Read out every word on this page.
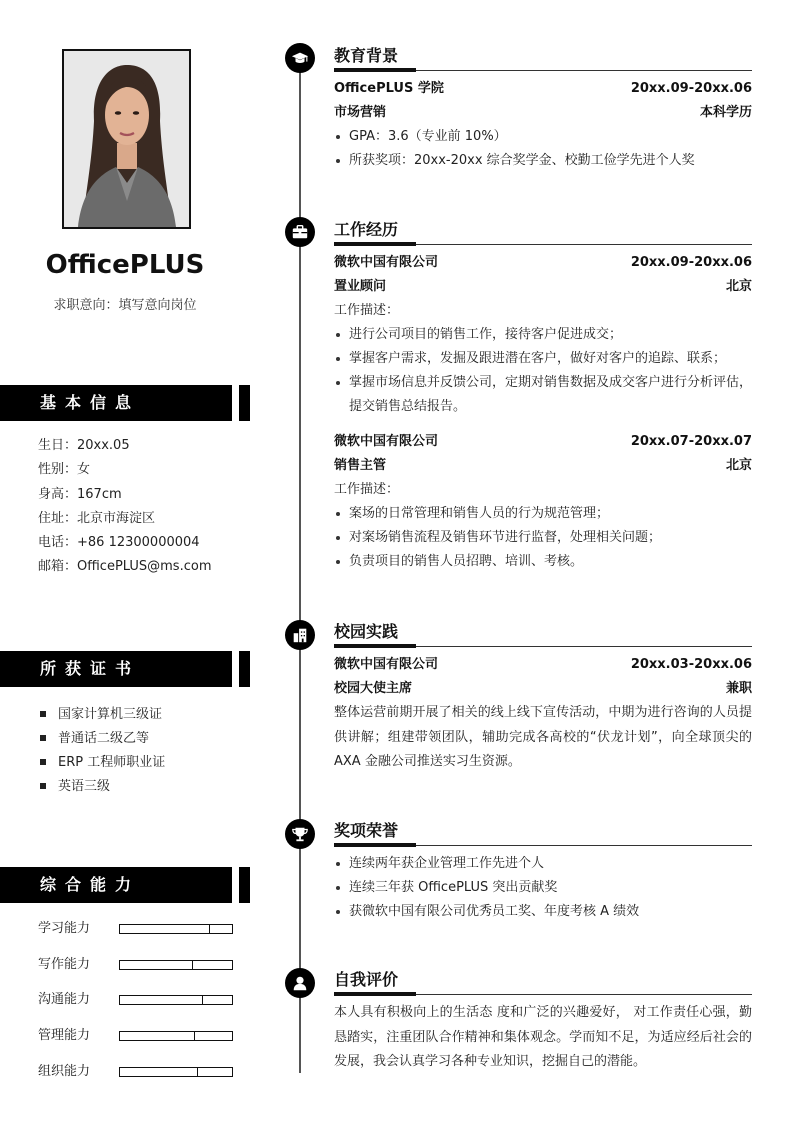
OfficePLUS
求职意向：填写意向岗位
基本信息
生日：20xx.05
性别：女
身高：167cm
住址：北京市海淀区
电话：+86 12300000004
邮箱：OfficePLUS@ms.com
所获证书
国家计算机三级证
普通话二级乙等
ERP 工程师职业证
英语三级
综合能力
学习能力
写作能力
沟通能力
管理能力
组织能力
教育背景
OfficePLUS 学院	20xx.09-20xx.06
市场营销	本科学历
GPA：3.6（专业前 10%）
所获奖项：20xx-20xx 综合奖学金、校勤工俭学先进个人奖
工作经历
微软中国有限公司	20xx.09-20xx.06
置业顾问	北京
工作描述：
进行公司项目的销售工作，接待客户促进成交；
掌握客户需求，发掘及跟进潜在客户，做好对客户的追踪、联系；
掌握市场信息并反馈公司，定期对销售数据及成交客户进行分析评估，提交销售总结报告。
微软中国有限公司	20xx.07-20xx.07
销售主管	北京
工作描述：
案场的日常管理和销售人员的行为规范管理；
对案场销售流程及销售环节进行监督，处理相关问题；
负责项目的销售人员招聘、培训、考核。
校园实践
微软中国有限公司	20xx.03-20xx.06
校园大使主席	兼职
整体运营前期开展了相关的线上线下宣传活动，中期为进行咨询的人员提供讲解；组建带领团队，辅助完成各高校的“伏龙计划”，向全球顶尖的 AXA 金融公司推送实习生资源。
奖项荣誉
连续两年获企业管理工作先进个人
连续三年获 OfficePLUS 突出贡献奖
获微软中国有限公司优秀员工奖、年度考核 A 绩效
自我评价
本人具有积极向上的生活态 度和广泛的兴趣爱好， 对工作责任心强，勤恳踏实，注重团队合作精神和集体观念。学而知不足，为适应经后社会的发展，我会认真学习各种专业知识，挖掘自己的潜能。
